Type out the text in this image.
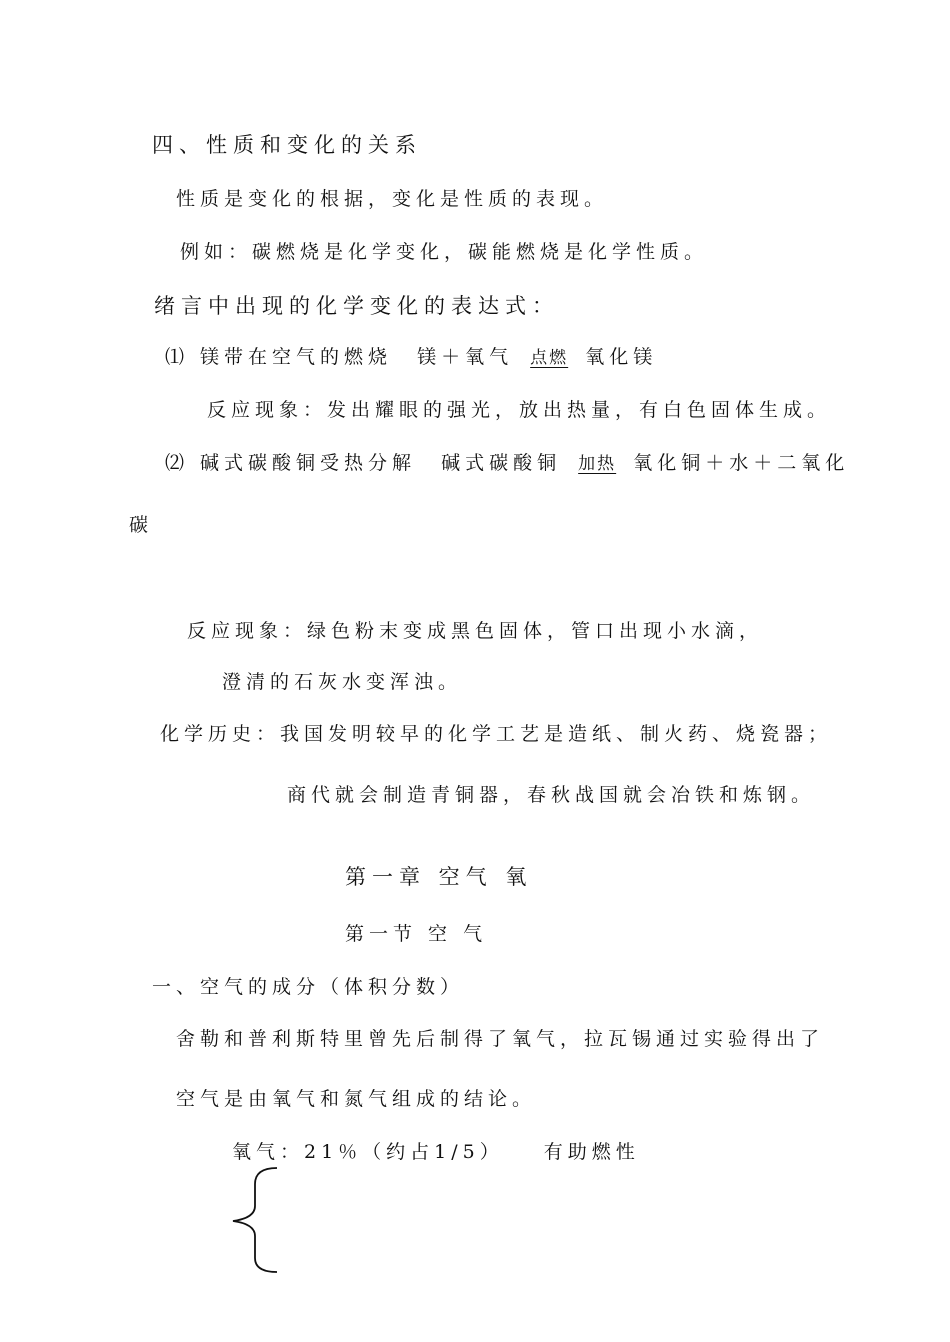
四、性质和变化的关系
性质是变化的根据，变化是性质的表现。
例如：碳燃烧是化学变化，碳能燃烧是化学性质。
绪言中出现的化学变化的表达式：
⑴ 镁带在空气的燃烧 镁＋氧气 点燃 氧化镁
反应现象：发出耀眼的强光，放出热量，有白色固体生成。
⑵ 碱式碳酸铜受热分解 碱式碳酸铜 加热 氧化铜＋水＋二氧化
碳
反应现象：绿色粉末变成黑色固体，管口出现小水滴，
澄清的石灰水变浑浊。
化学历史：我国发明较早的化学工艺是造纸、制火药、烧瓷器；
商代就会制造青铜器，春秋战国就会冶铁和炼钢。
第一章 空气 氧
第一节 空 气
一、空气的成分（体积分数）
舍勒和普利斯特里曾先后制得了氧气，拉瓦锡通过实验得出了
空气是由氧气和氮气组成的结论。
氧气：21％（约占1/5） 有助燃性
